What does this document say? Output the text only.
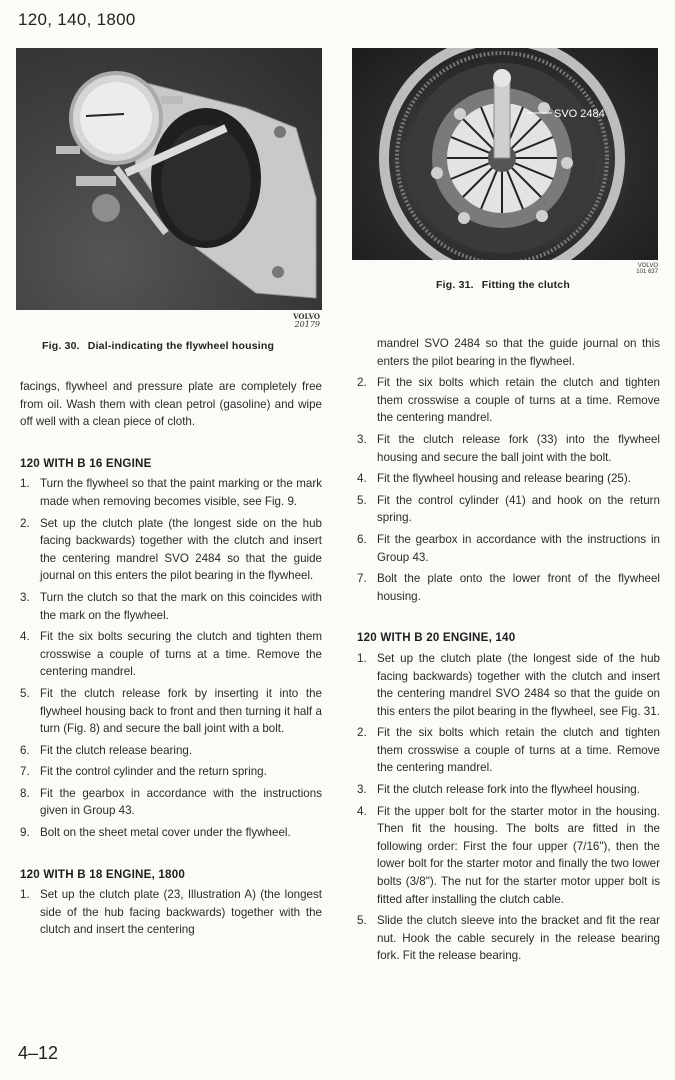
120, 140, 1800
VOLVO
20179
Fig. 30. Dial-indicating the flywheel housing
SVO 2484
VOLVO
101 637
Fig. 31. Fitting the clutch

facings, flywheel and pressure plate are completely free from oil. Wash them with clean petrol (gasoline) and wipe off well with a clean piece of cloth.

120 WITH B 16 ENGINE
1. Turn the flywheel so that the paint marking or the mark made when removing becomes visible, see Fig. 9.
2. Set up the clutch plate (the longest side on the hub facing backwards) together with the clutch and insert the centering mandrel SVO 2484 so that the guide journal on this enters the pilot bearing in the flywheel.
3. Turn the clutch so that the mark on this coincides with the mark on the flywheel.
4. Fit the six bolts securing the clutch and tighten them crosswise a couple of turns at a time. Remove the centering mandrel.
5. Fit the clutch release fork by inserting it into the flywheel housing back to front and then turning it half a turn (Fig. 8) and secure the ball joint with a bolt.
6. Fit the clutch release bearing.
7. Fit the control cylinder and the return spring.
8. Fit the gearbox in accordance with the instructions given in Group 43.
9. Bolt on the sheet metal cover under the flywheel.
120 WITH B 18 ENGINE, 1800
1. Set up the clutch plate (23, Illustration A) (the longest side of the hub facing backwards) together with the clutch and insert the centering

mandrel SVO 2484 so that the guide journal on this enters the pilot bearing in the flywheel.

2. Fit the six bolts which retain the clutch and tighten them crosswise a couple of turns at a time. Remove the centering mandrel.
3. Fit the clutch release fork (33) into the flywheel housing and secure the ball joint with the bolt.
4. Fit the flywheel housing and release bearing (25).
5. Fit the control cylinder (41) and hook on the return spring.
6. Fit the gearbox in accordance with the instructions in Group 43.
7. Bolt the plate onto the lower front of the flywheel housing.
120 WITH B 20 ENGINE, 140
1. Set up the clutch plate (the longest side of the hub facing backwards) together with the clutch and insert the centering mandrel SVO 2484 so that the guide on this enters the pilot bearing in the flywheel, see Fig. 31.
2. Fit the six bolts which retain the clutch and tighten them crosswise a couple of turns at a time. Remove the centering mandrel.
3. Fit the clutch release fork into the flywheel housing.
4. Fit the upper bolt for the starter motor in the housing. Then fit the housing. The bolts are fitted in the following order: First the four upper (7/16"), then the lower bolt for the starter motor and finally the two lower bolts (3/8"). The nut for the starter motor upper bolt is fitted after installing the clutch cable.
5. Slide the clutch sleeve into the bracket and fit the rear nut. Hook the cable securely in the release bearing fork. Fit the release bearing.
4–12
